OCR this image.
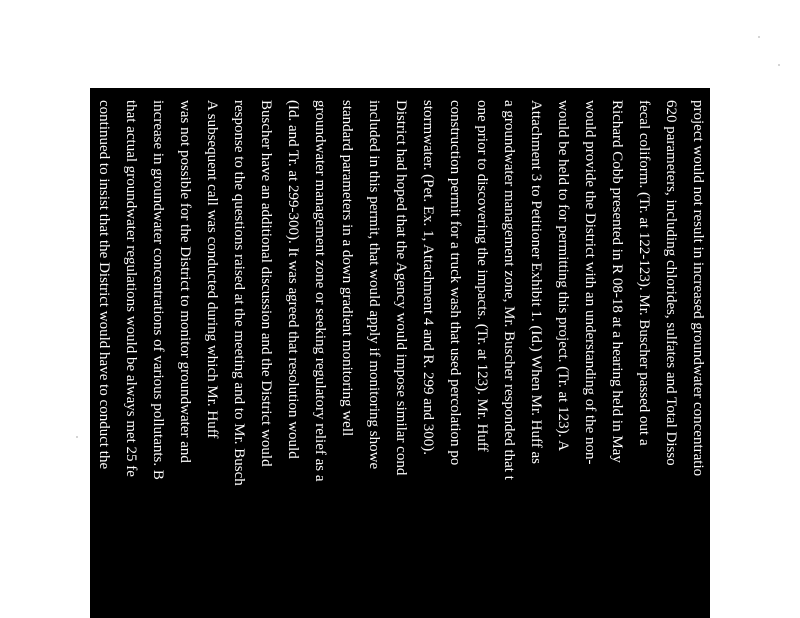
project would not result in increased groundwater concentratio
620 parameters, including chlorides, sulfates and Total Disso
fecal coliform. (Tr. at 122-123). Mr. Buscher passed out a
Richard Cobb presented in R 08-18 at a hearing held in May
would provide the District with an understanding of the non-
would be held to for permitting this project. (Tr. at 123). A
Attachment 3 to Petitioner Exhibit 1. (Id.) When Mr. Huff as
a groundwater management zone, Mr. Buscher responded that t
one prior to discovering the impacts. (Tr. at 123). Mr. Huff
construction permit for a truck wash that used percolation po
stormwater. (Pet. Ex. 1, Attachment 4 and R. 299 and 300).
District had hoped that the Agency would impose similar cond
included in this permit, that would apply if monitoring showe
standard parameters in a down gradient monitoring well
groundwater management zone or seeking regulatory relief as a
(Id. and Tr. at 299-300). It was agreed that resolution would
Buscher have an additional discussion and the District would
response to the questions raised at the meeting and to Mr. Busch
A subsequent call was conducted during which Mr. Huff
was not possible for the District to monitor groundwater and
increase in groundwater concentrations of various pollutants. B
that actual groundwater regulations would be always met 25 fe
continued to insist that the District would have to conduct the
